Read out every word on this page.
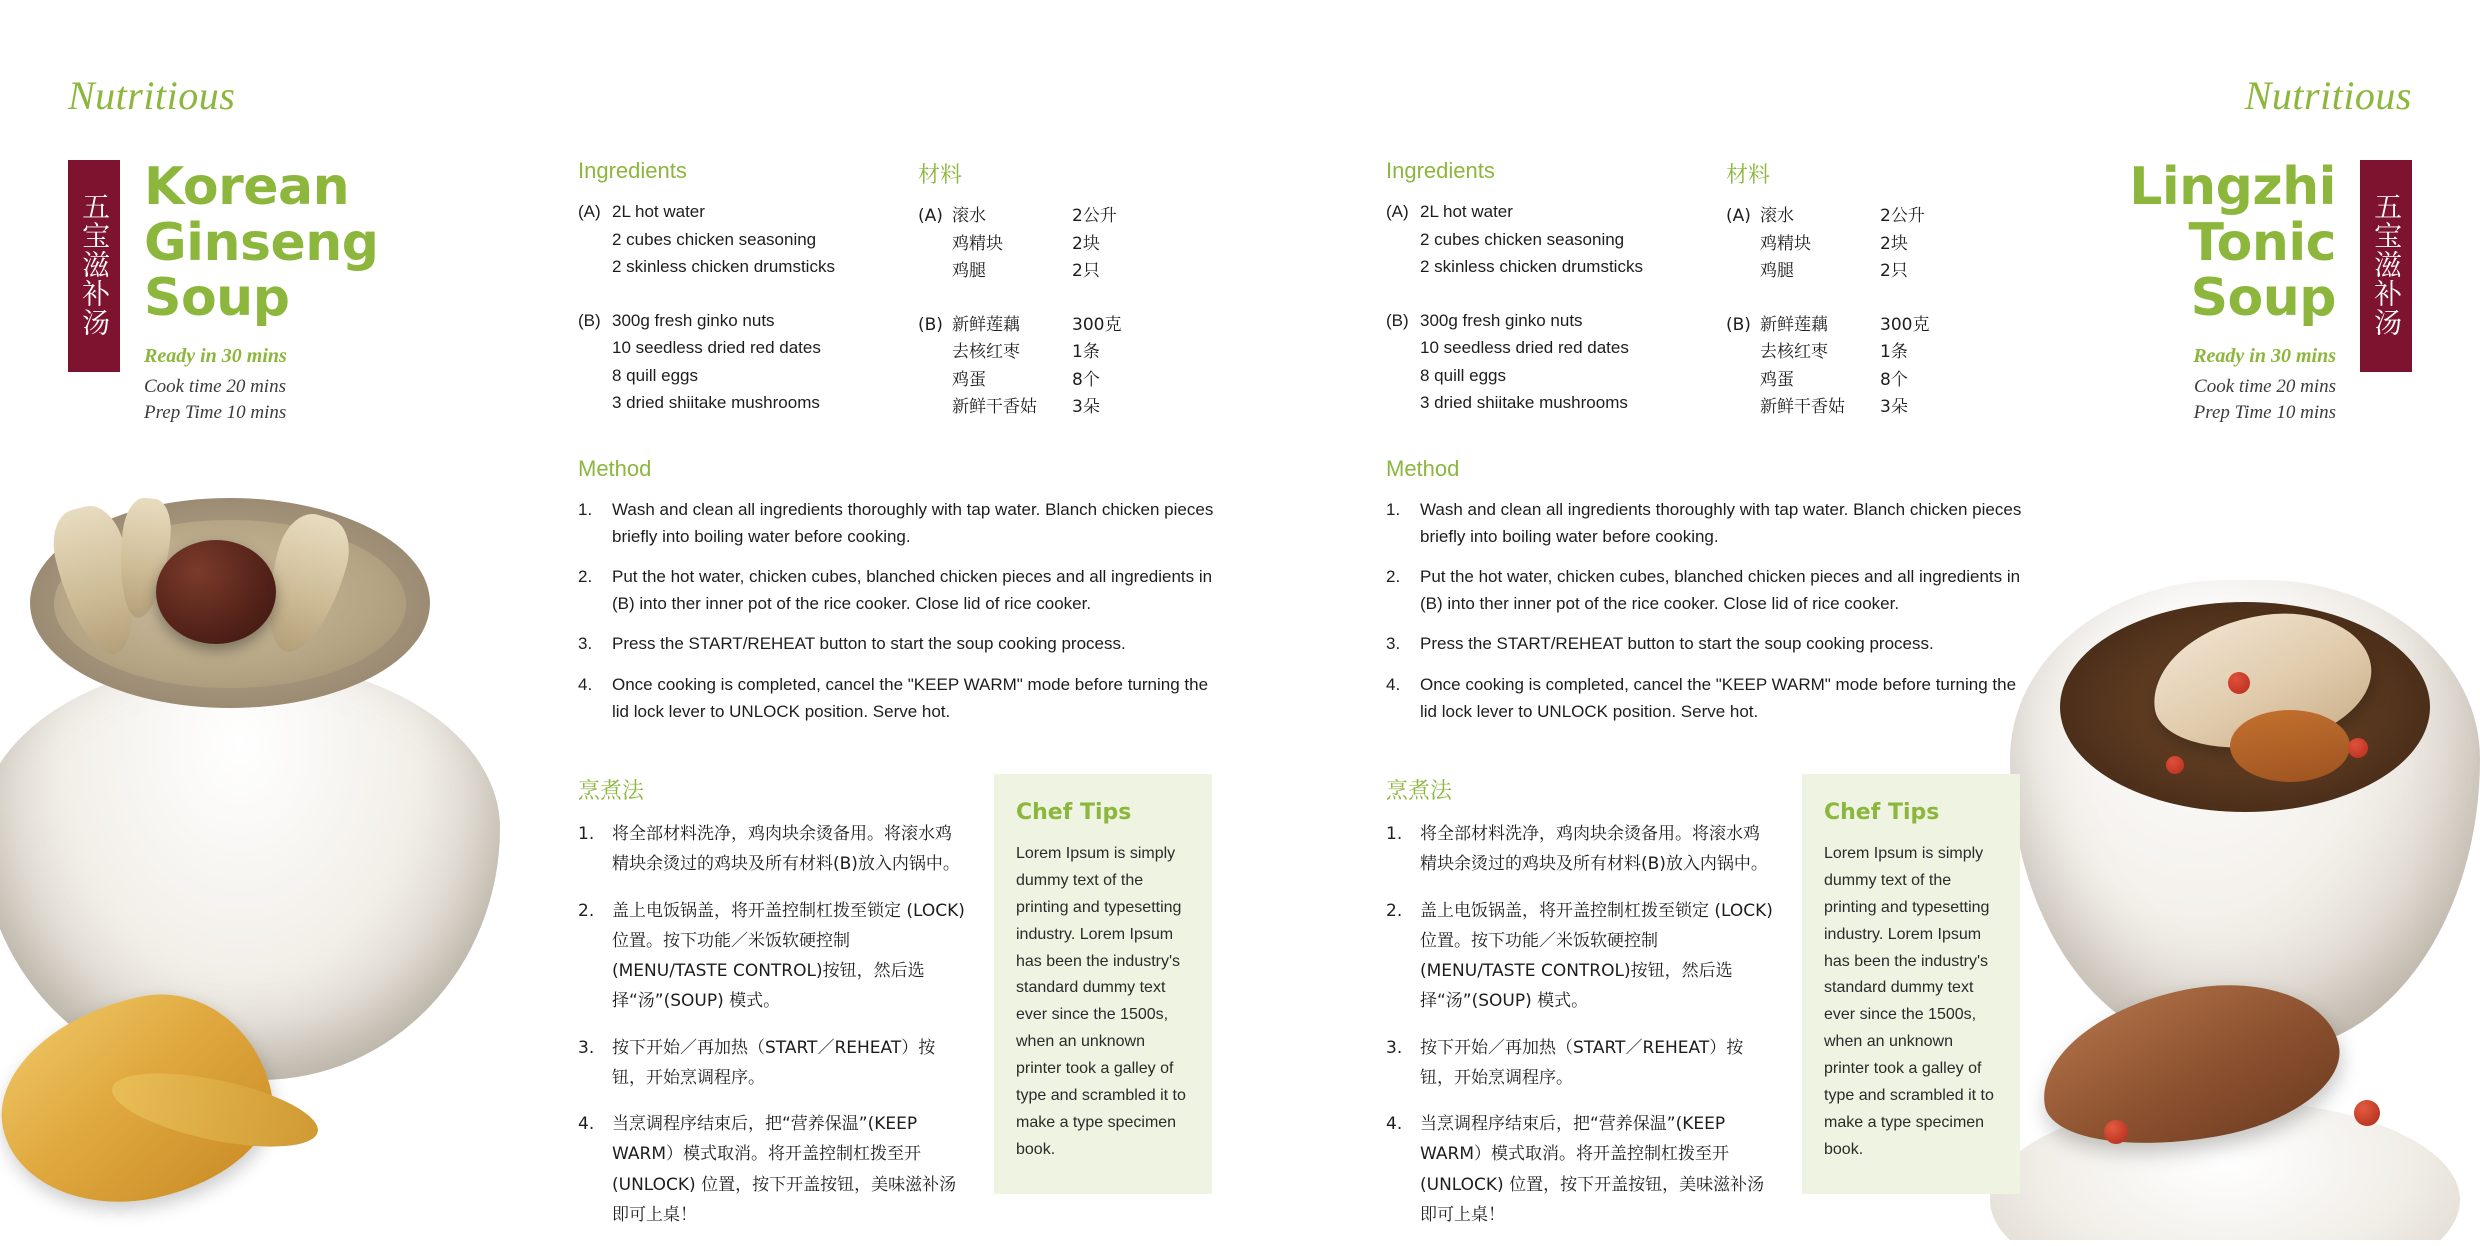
Nutritious	Nutritious
五宝滋补汤
Korean
Ginseng
Soup
Ready in 30 mins
Cook time 20 mins
Prep Time 10 mins
五宝滋补汤
Lingzhi
Tonic
Soup
Ready in 30 mins
Cook time 20 mins
Prep Time 10 mins
Ingredients
(A) 2L hot water
2 cubes chicken seasoning
2 skinless chicken drumsticks
(B) 300g fresh ginko nuts
10 seedless dried red dates
8 quill eggs
3 dried shiitake mushrooms
材料
(A) 滚水	2公升
鸡精块	2块
鸡腿	2只
(B) 新鲜莲藕	300克
去核红枣	1条
鸡蛋	8个
新鲜干香姑	3朵
Method
1.	Wash and clean all ingredients thoroughly with tap water. Blanch chicken pieces briefly into boiling water before cooking.
2.	Put the hot water, chicken cubes, blanched chicken pieces and all ingredients in (B) into ther inner pot of the rice cooker. Close lid of rice cooker.
3.	Press the START/REHEAT button to start the soup cooking process.
4.	Once cooking is completed, cancel the "KEEP WARM" mode before turning the lid lock lever to UNLOCK position. Serve hot.
烹煮法
1.	将全部材料洗净，鸡肉块余烫备用。将滚水鸡精块余烫过的鸡块及所有材料(B)放入内锅中。
2.	盖上电饭锅盖，将开盖控制杠拨至锁定 (LOCK) 位置。按下功能／米饭软硬控制 (MENU/TASTE CONTROL)按钮，然后选择“汤”(SOUP) 模式。
3.	按下开始／再加热（START／REHEAT）按钮，开始烹调程序。
4.	当烹调程序结束后，把“营养保温”(KEEP WARM）模式取消。将开盖控制杠拨至开 (UNLOCK) 位置，按下开盖按钮，美味滋补汤即可上桌！
Chef Tips

Lorem Ipsum is simply dummy text of the printing and typesetting industry. Lorem Ipsum has been the industry's standard dummy text ever since the 1500s, when an unknown printer took a galley of type and scrambled it to make a type specimen book.

Ingredients
(A) 2L hot water
2 cubes chicken seasoning
2 skinless chicken drumsticks
(B) 300g fresh ginko nuts
10 seedless dried red dates
8 quill eggs
3 dried shiitake mushrooms
材料
(A) 滚水	2公升
鸡精块	2块
鸡腿	2只
(B) 新鲜莲藕	300克
去核红枣	1条
鸡蛋	8个
新鲜干香姑	3朵
Method
1.	Wash and clean all ingredients thoroughly with tap water. Blanch chicken pieces briefly into boiling water before cooking.
2.	Put the hot water, chicken cubes, blanched chicken pieces and all ingredients in (B) into ther inner pot of the rice cooker. Close lid of rice cooker.
3.	Press the START/REHEAT button to start the soup cooking process.
4.	Once cooking is completed, cancel the "KEEP WARM" mode before turning the lid lock lever to UNLOCK position. Serve hot.
烹煮法
1.	将全部材料洗净，鸡肉块余烫备用。将滚水鸡精块余烫过的鸡块及所有材料(B)放入内锅中。
2.	盖上电饭锅盖，将开盖控制杠拨至锁定 (LOCK) 位置。按下功能／米饭软硬控制 (MENU/TASTE CONTROL)按钮，然后选择“汤”(SOUP) 模式。
3.	按下开始／再加热（START／REHEAT）按钮，开始烹调程序。
4.	当烹调程序结束后，把“营养保温”(KEEP WARM）模式取消。将开盖控制杠拨至开 (UNLOCK) 位置，按下开盖按钮，美味滋补汤即可上桌！
Chef Tips

Lorem Ipsum is simply dummy text of the printing and typesetting industry. Lorem Ipsum has been the industry's standard dummy text ever since the 1500s, when an unknown printer took a galley of type and scrambled it to make a type specimen book.
